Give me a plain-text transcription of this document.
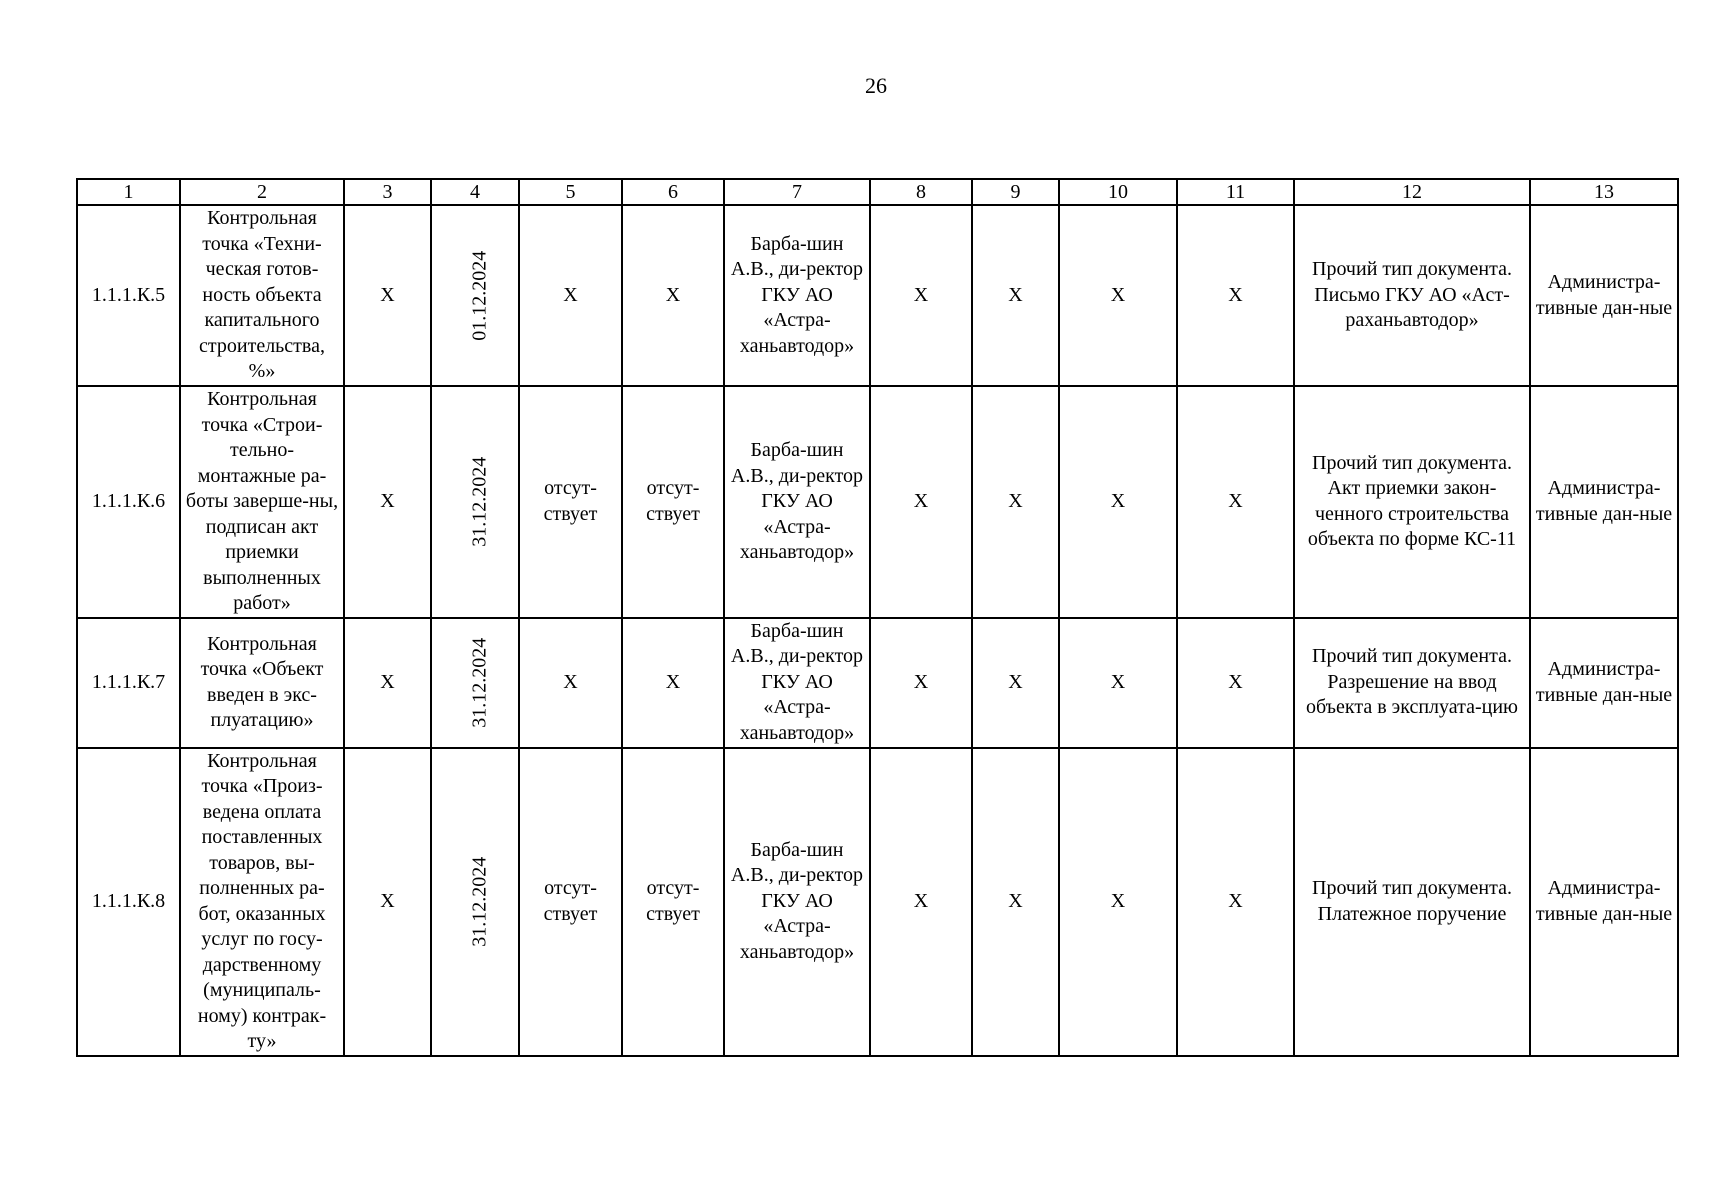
26
1	2	3	4	5	6	7	8	9	10	11	12	13
1.1.1.К.5	Контрольная точка «Техни-ческая готов-ность объекта капитального строительства, %»	Х	01.12.2024	Х	Х	Барба-шин А.В., ди-ректор ГКУ АО «Астра-ханьавтодор»	Х	Х	Х	Х	Прочий тип документа. Письмо ГКУ АО «Аст-раханьавтодор»	Администра-тивные дан-ные
1.1.1.К.6	Контрольная точка «Строи-тельно-монтажные ра-боты заверше-ны, подписан акт приемки выполненных работ»	Х	31.12.2024	отсут-ствует	отсут-ствует	Барба-шин А.В., ди-ректор ГКУ АО «Астра-ханьавтодор»	Х	Х	Х	Х	Прочий тип документа. Акт приемки закон-ченного строительства объекта по форме КС-11	Администра-тивные дан-ные
1.1.1.К.7	Контрольная точка «Объект введен в экс-плуатацию»	Х	31.12.2024	Х	Х	Барба-шин А.В., ди-ректор ГКУ АО «Астра-ханьавтодор»	Х	Х	Х	Х	Прочий тип документа. Разрешение на ввод объекта в эксплуата-цию	Администра-тивные дан-ные
1.1.1.К.8	Контрольная точка «Произ-ведена оплата поставленных товаров, вы-полненных ра-бот, оказанных услуг по госу-дарственному (муниципаль-ному) контрак-ту»	Х	31.12.2024	отсут-ствует	отсут-ствует	Барба-шин А.В., ди-ректор ГКУ АО «Астра-ханьавтодор»	Х	Х	Х	Х	Прочий тип документа. Платежное поручение	Администра-тивные дан-ные
